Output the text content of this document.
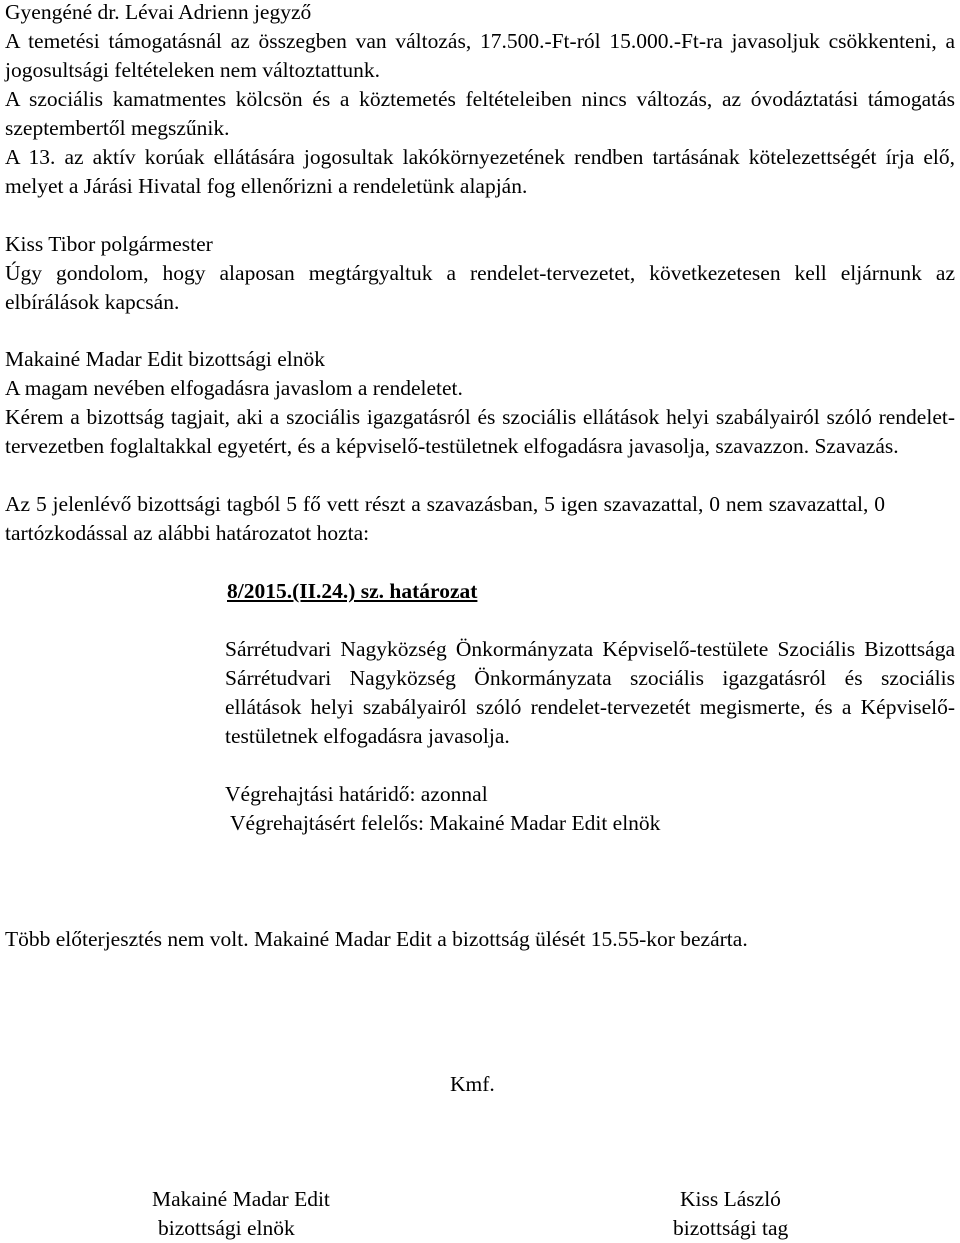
Gyengéné dr. Lévai Adrienn jegyző
A temetési támogatásnál az összegben van változás, 17.500.-Ft-ról 15.000.-Ft-ra javasoljuk csökkenteni, a jogosultsági feltételeken nem változtattunk.
A szociális kamatmentes kölcsön és a köztemetés feltételeiben nincs változás, az óvodáztatási támogatás szeptembertől megszűnik.
A 13. az aktív korúak ellátására jogosultak lakókörnyezetének rendben tartásának kötelezettségét írja elő, melyet a Járási Hivatal fog ellenőrizni a rendeletünk alapján.
Kiss Tibor polgármester
Úgy gondolom, hogy alaposan megtárgyaltuk a rendelet-tervezetet, következetesen kell eljárnunk az elbírálások kapcsán.
Makainé Madar Edit bizottsági elnök
A magam nevében elfogadásra javaslom a rendeletet.
Kérem a bizottság tagjait, aki a szociális igazgatásról és szociális ellátások helyi szabályairól szóló rendelet-tervezetben foglaltakkal egyetért, és a képviselő-testületnek elfogadásra javasolja, szavazzon. Szavazás.
Az 5 jelenlévő bizottsági tagból 5 fő vett részt a szavazásban, 5 igen szavazattal, 0 nem szavazattal, 0 tartózkodással az alábbi határozatot hozta:
8/2015.(II.24.) sz. határozat
Sárrétudvari Nagyközség Önkormányzata Képviselő-testülete Szociális Bizottsága Sárrétudvari Nagyközség Önkormányzata szociális igazgatásról és szociális ellátások helyi szabályairól szóló rendelet-tervezetét megismerte, és a Képviselő-testületnek elfogadásra javasolja.
Végrehajtási határidő: azonnal
Végrehajtásért felelős: Makainé Madar Edit elnök
Több előterjesztés nem volt. Makainé Madar Edit a bizottság ülését 15.55-kor bezárta.
Kmf.
Makainé Madar Edit
bizottsági elnök
Kiss László
bizottsági tag
